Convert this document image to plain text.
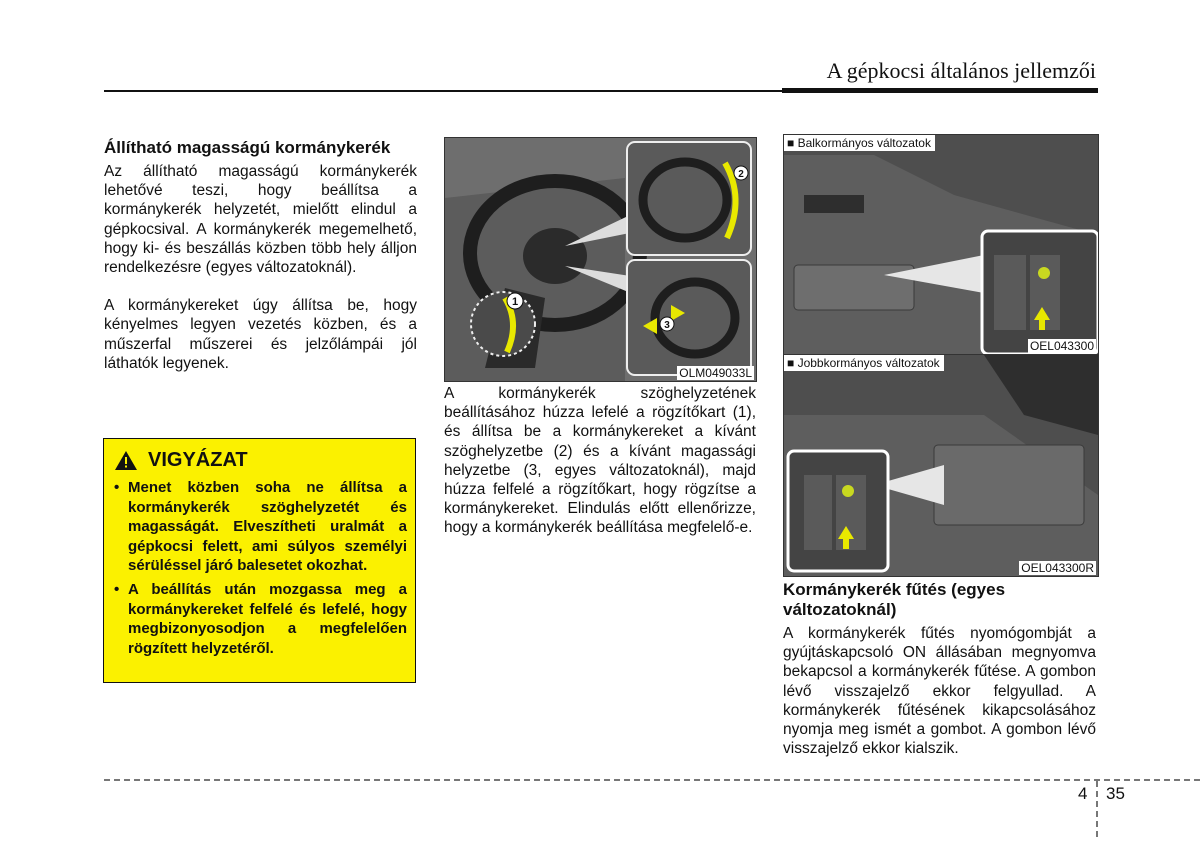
A gépkocsi általános jellemzői
Állítható magasságú kormánykerék

Az állítható magasságú kormánykerék lehetővé teszi, hogy beállítsa a kormánykerék helyzetét, mielőtt elindul a gépkocsival. A kormánykerék megemelhető, hogy ki- és beszállás közben több hely álljon rendelkezésre (egyes változatoknál).

A kormánykereket úgy állítsa be, hogy kényelmes legyen vezetés közben, és a műszerfal műszerei és jelzőlámpái jól láthatók legyenek.

VIGYÁZAT
• Menet közben soha ne állítsa a kormánykerék szöghelyzetét és magasságát. Elveszítheti uralmát a gépkocsi felett, ami súlyos személyi sérüléssel járó balesetet okozhat.
• A beállítás után mozgassa meg a kormánykereket felfelé és lefelé, hogy megbizonyosodjon a megfelelően rögzített helyzetéről.
1
2
3
OLM049033L

A kormánykerék szöghelyzetének beállításához húzza lefelé a rögzítőkart (1), és állítsa be a kormánykereket a kívánt szöghelyzetbe (2) és a kívánt magassági helyzetbe (3, egyes változatoknál), majd húzza felfelé a rögzítőkart, hogy rögzítse a kormánykereket. Elindulás előtt ellenőrizze, hogy a kormánykerék beállítása megfelelő-e.

■ Balkormányos változatok
OEL043300
■ Jobbkormányos változatok
OEL043300R
Kormánykerék fűtés (egyes változatoknál)

A kormánykerék fűtés nyomógombját a gyújtáskapcsoló ON állásában megnyomva bekapcsol a kormánykerék fűtése. A gombon lévő visszajelző ekkor felgyullad. A kormánykerék fűtésének kikapcsolásához nyomja meg ismét a gombot. A gombon lévő visszajelző ekkor kialszik.

4 35
